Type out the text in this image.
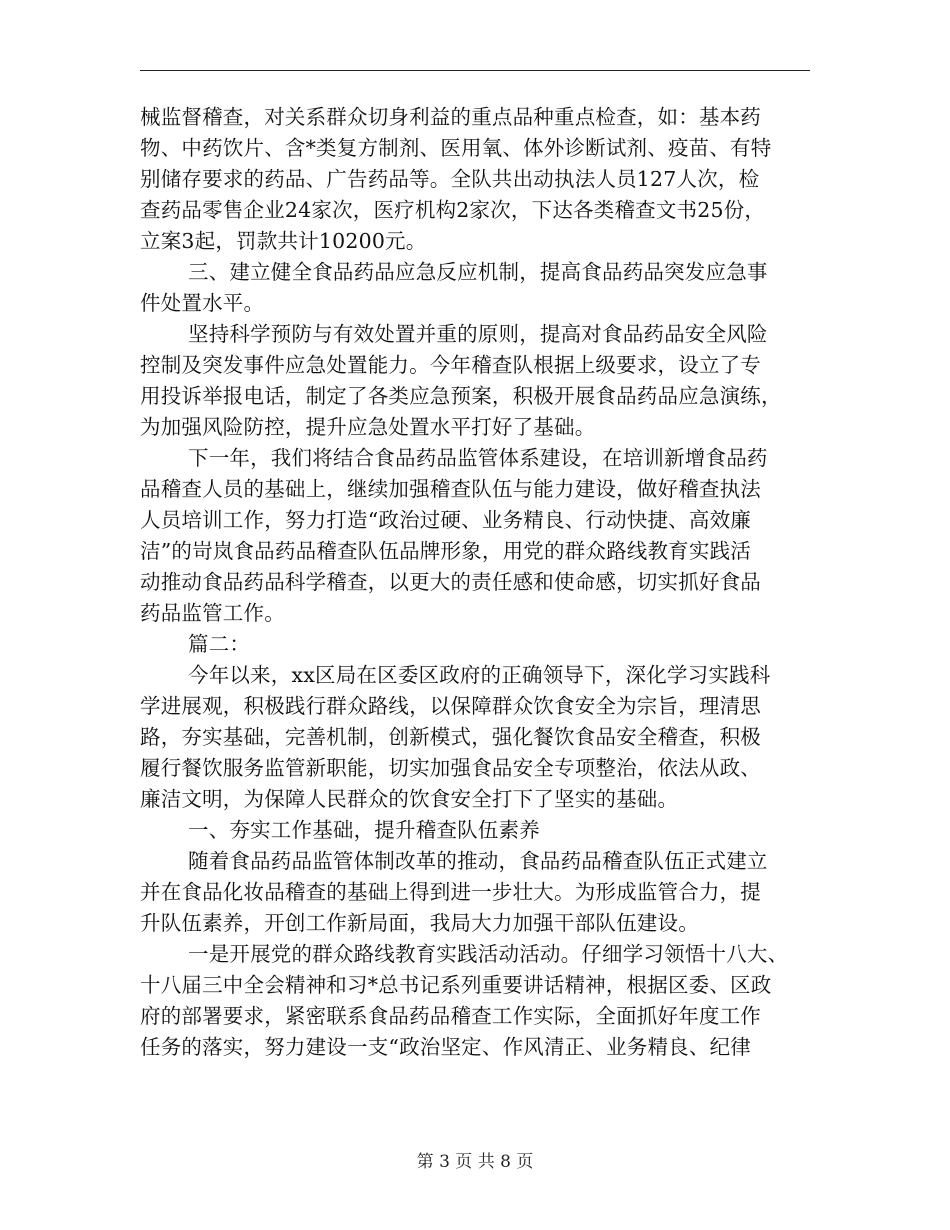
械监督稽查，对关系群众切身利益的重点品种重点检查，如：基本药
物、中药饮片、含*类复方制剂、医用氧、体外诊断试剂、疫苗、有特
别储存要求的药品、广告药品等。全队共出动执法人员127人次，检
查药品零售企业24家次，医疗机构2家次，下达各类稽查文书25份，
立案3起，罚款共计10200元。
三、建立健全食品药品应急反应机制，提高食品药品突发应急事
件处置水平。
坚持科学预防与有效处置并重的原则，提高对食品药品安全风险
控制及突发事件应急处置能力。今年稽查队根据上级要求，设立了专
用投诉举报电话，制定了各类应急预案，积极开展食品药品应急演练，
为加强风险防控，提升应急处置水平打好了基础。
下一年，我们将结合食品药品监管体系建设，在培训新增食品药
品稽查人员的基础上，继续加强稽查队伍与能力建设，做好稽查执法
人员培训工作，努力打造“政治过硬、业务精良、行动快捷、高效廉
洁”的岢岚食品药品稽查队伍品牌形象，用党的群众路线教育实践活
动推动食品药品科学稽查，以更大的责任感和使命感，切实抓好食品
药品监管工作。
篇二：
今年以来，xx区局在区委区政府的正确领导下，深化学习实践科
学进展观，积极践行群众路线，以保障群众饮食安全为宗旨，理清思
路，夯实基础，完善机制，创新模式，强化餐饮食品安全稽查，积极
履行餐饮服务监管新职能，切实加强食品安全专项整治，依法从政、
廉洁文明，为保障人民群众的饮食安全打下了坚实的基础。
一、夯实工作基础，提升稽查队伍素养
随着食品药品监管体制改革的推动，食品药品稽查队伍正式建立
并在食品化妆品稽查的基础上得到进一步壮大。为形成监管合力，提
升队伍素养，开创工作新局面，我局大力加强干部队伍建设。
一是开展党的群众路线教育实践活动活动。仔细学习领悟十八大、
十八届三中全会精神和习*总书记系列重要讲话精神，根据区委、区政
府的部署要求，紧密联系食品药品稽查工作实际，全面抓好年度工作
任务的落实，努力建设一支“政治坚定、作风清正、业务精良、纪律
第 3 页 共 8 页
